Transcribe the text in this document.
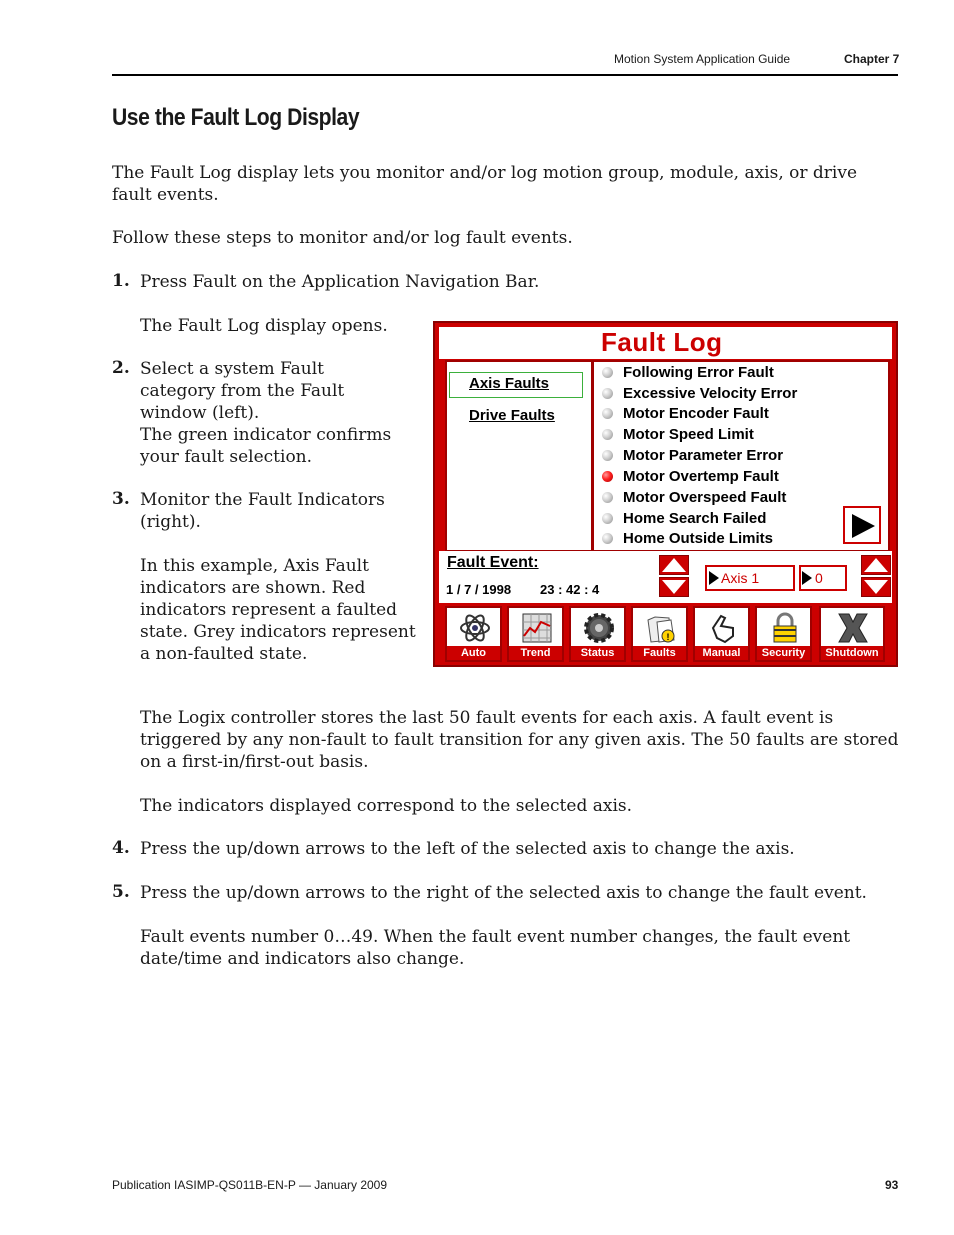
Motion System Application Guide	Chapter 7
Use the Fault Log Display

The Fault Log display lets you monitor and/or log motion group, module, axis, or drive fault events.

Follow these steps to monitor and/or log fault events.

1. Press Fault on the Application Navigation Bar.

The Fault Log display opens.

2. Select a system Fault category from the Fault window (left).

The green indicator confirms your fault selection.

3. Monitor the Fault Indicators (right).

In this example, Axis Fault indicators are shown. Red indicators represent a faulted state. Grey indicators represent a non-faulted state.

Fault Log
Axis Faults
Drive Faults
Following Error Fault
Excessive Velocity Error
Motor Encoder Fault
Motor Speed Limit
Motor Parameter Error
Motor Overtemp Fault
Motor Overspeed Fault
Home Search Failed
Home Outside Limits
Fault Event:
1 / 7 / 1998 23 : 42 : 4
Axis 1	0
Auto	Trend	Status
!
Faults	Manual	Security	Shutdown

The Logix controller stores the last 50 fault events for each axis. A fault event is triggered by any non-fault to fault transition for any given axis. The 50 faults are stored on a first-in/first-out basis.

The indicators displayed correspond to the selected axis.

4. Press the up/down arrows to the left of the selected axis to change the axis.

5. Press the up/down arrows to the right of the selected axis to change the fault event.

Fault events number 0…49. When the fault event number changes, the fault event date/time and indicators also change.

Publication IASIMP-QS011B-EN-P — January 2009	93
